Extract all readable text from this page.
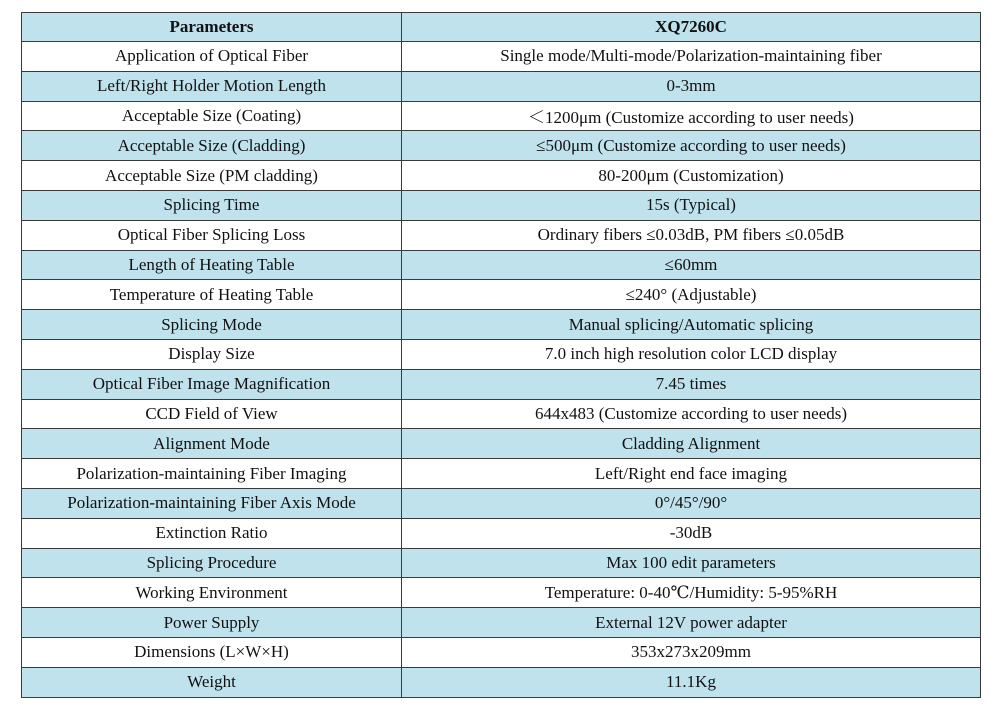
Parameters	XQ7260C
Application of Optical Fiber	Single mode/Multi-mode/Polarization-maintaining fiber
Left/Right Holder Motion Length	0-3mm
Acceptable Size (Coating)	＜1200μm (Customize according to user needs)
Acceptable Size (Cladding)	≤500μm (Customize according to user needs)
Acceptable Size (PM cladding)	80-200μm (Customization)
Splicing Time	15s (Typical)
Optical Fiber Splicing Loss	Ordinary fibers ≤0.03dB, PM fibers ≤0.05dB
Length of Heating Table	≤60mm
Temperature of Heating Table	≤240° (Adjustable)
Splicing Mode	Manual splicing/Automatic splicing
Display Size	7.0 inch high resolution color LCD display
Optical Fiber Image Magnification	7.45 times
CCD Field of View	644x483 (Customize according to user needs)
Alignment Mode	Cladding Alignment
Polarization-maintaining Fiber Imaging	Left/Right end face imaging
Polarization-maintaining Fiber Axis Mode	0°/45°/90°
Extinction Ratio	-30dB
Splicing Procedure	Max 100 edit parameters
Working Environment	Temperature: 0-40℃/Humidity: 5-95%RH
Power Supply	External 12V power adapter
Dimensions (L×W×H)	353x273x209mm
Weight	11.1Kg
